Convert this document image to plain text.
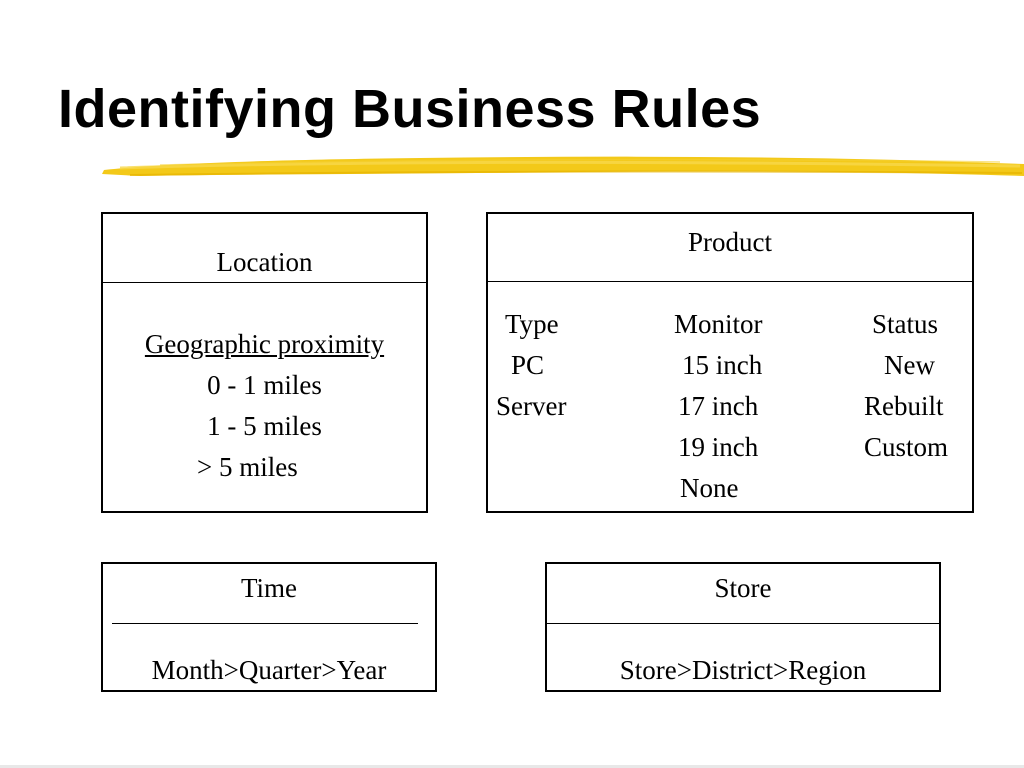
Identifying Business Rules
Location
Geographic proximity
0 - 1 miles
1 - 5 miles
> 5 miles
Product
Type
PC
Server
Monitor
15 inch
17 inch
19 inch
None
Status
New
Rebuilt
Custom
Time
Month>Quarter>Year
Store
Store>District>Region
